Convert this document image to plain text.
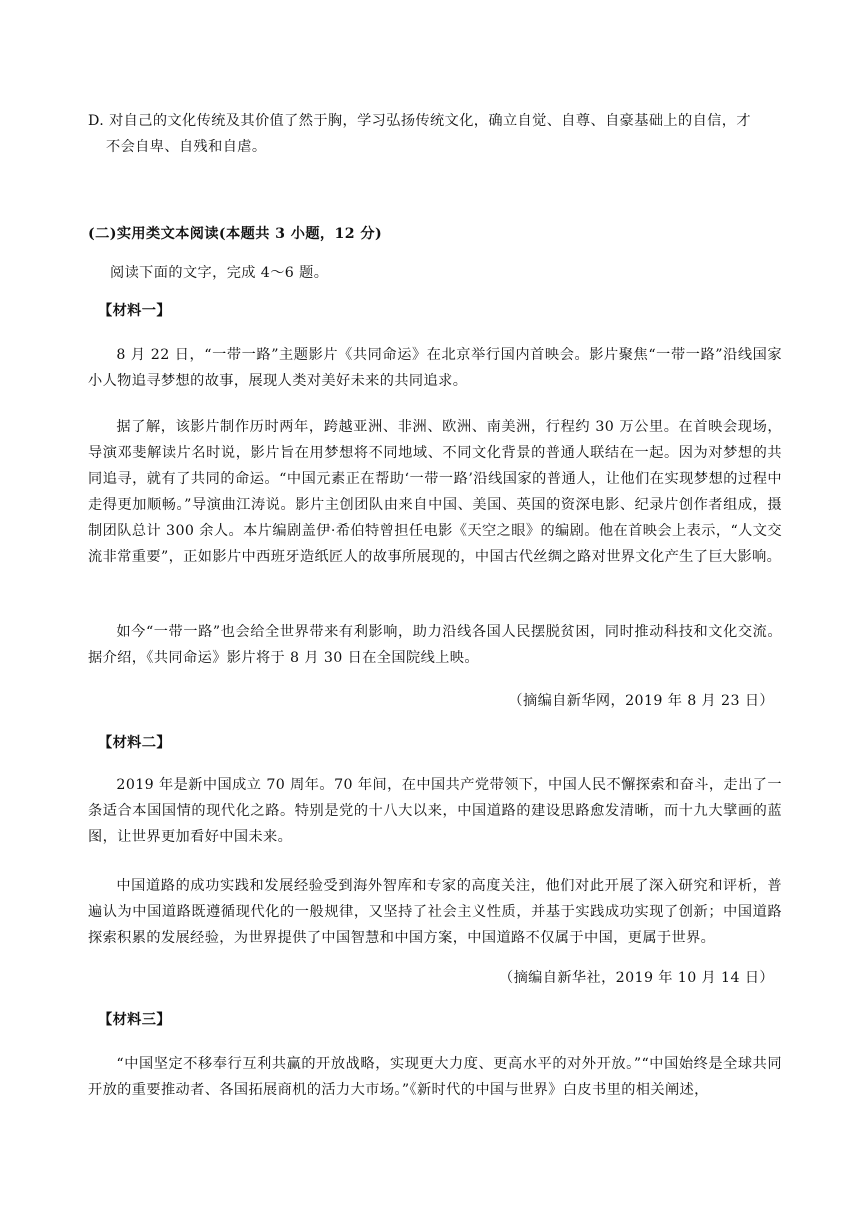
D. 对自己的文化传统及其价值了然于胸，学习弘扬传统文化，确立自觉、自尊、自豪基础上的自信，才
不会自卑、自残和自虐。
(二)实用类文本阅读(本题共 3 小题，12 分)
阅读下面的文字，完成 4～6 题。
【材料一】
8 月 22 日，“一带一路”主题影片《共同命运》在北京举行国内首映会。影片聚焦“一带一路”沿线国家小人物追寻梦想的故事，展现人类对美好未来的共同追求。
据了解，该影片制作历时两年，跨越亚洲、非洲、欧洲、南美洲，行程约 30 万公里。在首映会现场，导演邓斐解读片名时说，影片旨在用梦想将不同地域、不同文化背景的普通人联结在一起。因为对梦想的共同追寻，就有了共同的命运。“中国元素正在帮助‘一带一路’沿线国家的普通人，让他们在实现梦想的过程中走得更加顺畅。”导演曲江涛说。影片主创团队由来自中国、美国、英国的资深电影、纪录片创作者组成，摄制团队总计 300 余人。本片编剧盖伊·希伯特曾担任电影《天空之眼》的编剧。他在首映会上表示，“人文交流非常重要”，正如影片中西班牙造纸匠人的故事所展现的，中国古代丝绸之路对世界文化产生了巨大影响。
如今“一带一路”也会给全世界带来有利影响，助力沿线各国人民摆脱贫困，同时推动科技和文化交流。据介绍，《共同命运》影片将于 8 月 30 日在全国院线上映。
（摘编自新华网，2019 年 8 月 23 日）
【材料二】
2019 年是新中国成立 70 周年。70 年间，在中国共产党带领下，中国人民不懈探索和奋斗，走出了一条适合本国国情的现代化之路。特别是党的十八大以来，中国道路的建设思路愈发清晰，而十九大擘画的蓝图，让世界更加看好中国未来。
中国道路的成功实践和发展经验受到海外智库和专家的高度关注，他们对此开展了深入研究和评析，普遍认为中国道路既遵循现代化的一般规律，又坚持了社会主义性质，并基于实践成功实现了创新；中国道路探索积累的发展经验，为世界提供了中国智慧和中国方案，中国道路不仅属于中国，更属于世界。
（摘编自新华社，2019 年 10 月 14 日）
【材料三】
“中国坚定不移奉行互利共赢的开放战略，实现更大力度、更高水平的对外开放。”“中国始终是全球共同开放的重要推动者、各国拓展商机的活力大市场。”《新时代的中国与世界》白皮书里的相关阐述，
